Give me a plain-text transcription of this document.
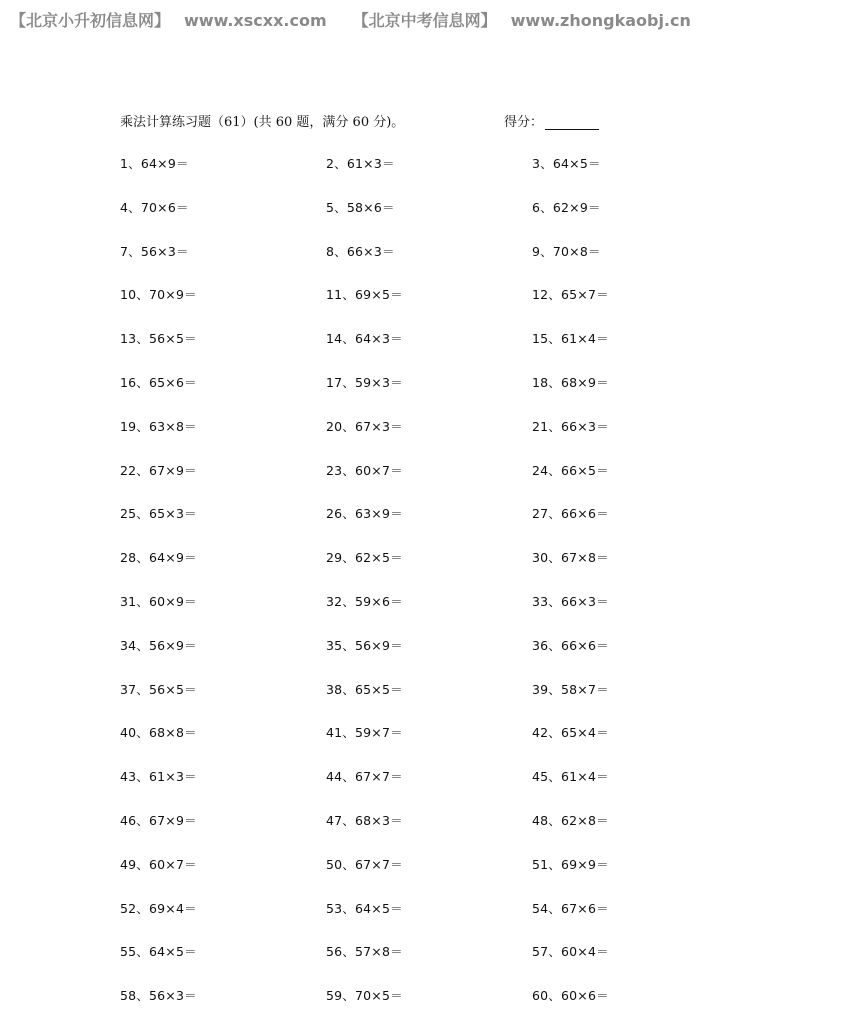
【北京小升初信息网】 www.xscxx.com 【北京中考信息网】 www.zhongkaobj.cn
乘法计算练习题（61）(共 60 题，满分 60 分)。	得分：
1、64×9＝	2、61×3＝	3、64×5＝
4、70×6＝	5、58×6＝	6、62×9＝
7、56×3＝	8、66×3＝	9、70×8＝
10、70×9＝	11、69×5＝	12、65×7＝
13、56×5＝	14、64×3＝	15、61×4＝
16、65×6＝	17、59×3＝	18、68×9＝
19、63×8＝	20、67×3＝	21、66×3＝
22、67×9＝	23、60×7＝	24、66×5＝
25、65×3＝	26、63×9＝	27、66×6＝
28、64×9＝	29、62×5＝	30、67×8＝
31、60×9＝	32、59×6＝	33、66×3＝
34、56×9＝	35、56×9＝	36、66×6＝
37、56×5＝	38、65×5＝	39、58×7＝
40、68×8＝	41、59×7＝	42、65×4＝
43、61×3＝	44、67×7＝	45、61×4＝
46、67×9＝	47、68×3＝	48、62×8＝
49、60×7＝	50、67×7＝	51、69×9＝
52、69×4＝	53、64×5＝	54、67×6＝
55、64×5＝	56、57×8＝	57、60×4＝
58、56×3＝	59、70×5＝	60、60×6＝
